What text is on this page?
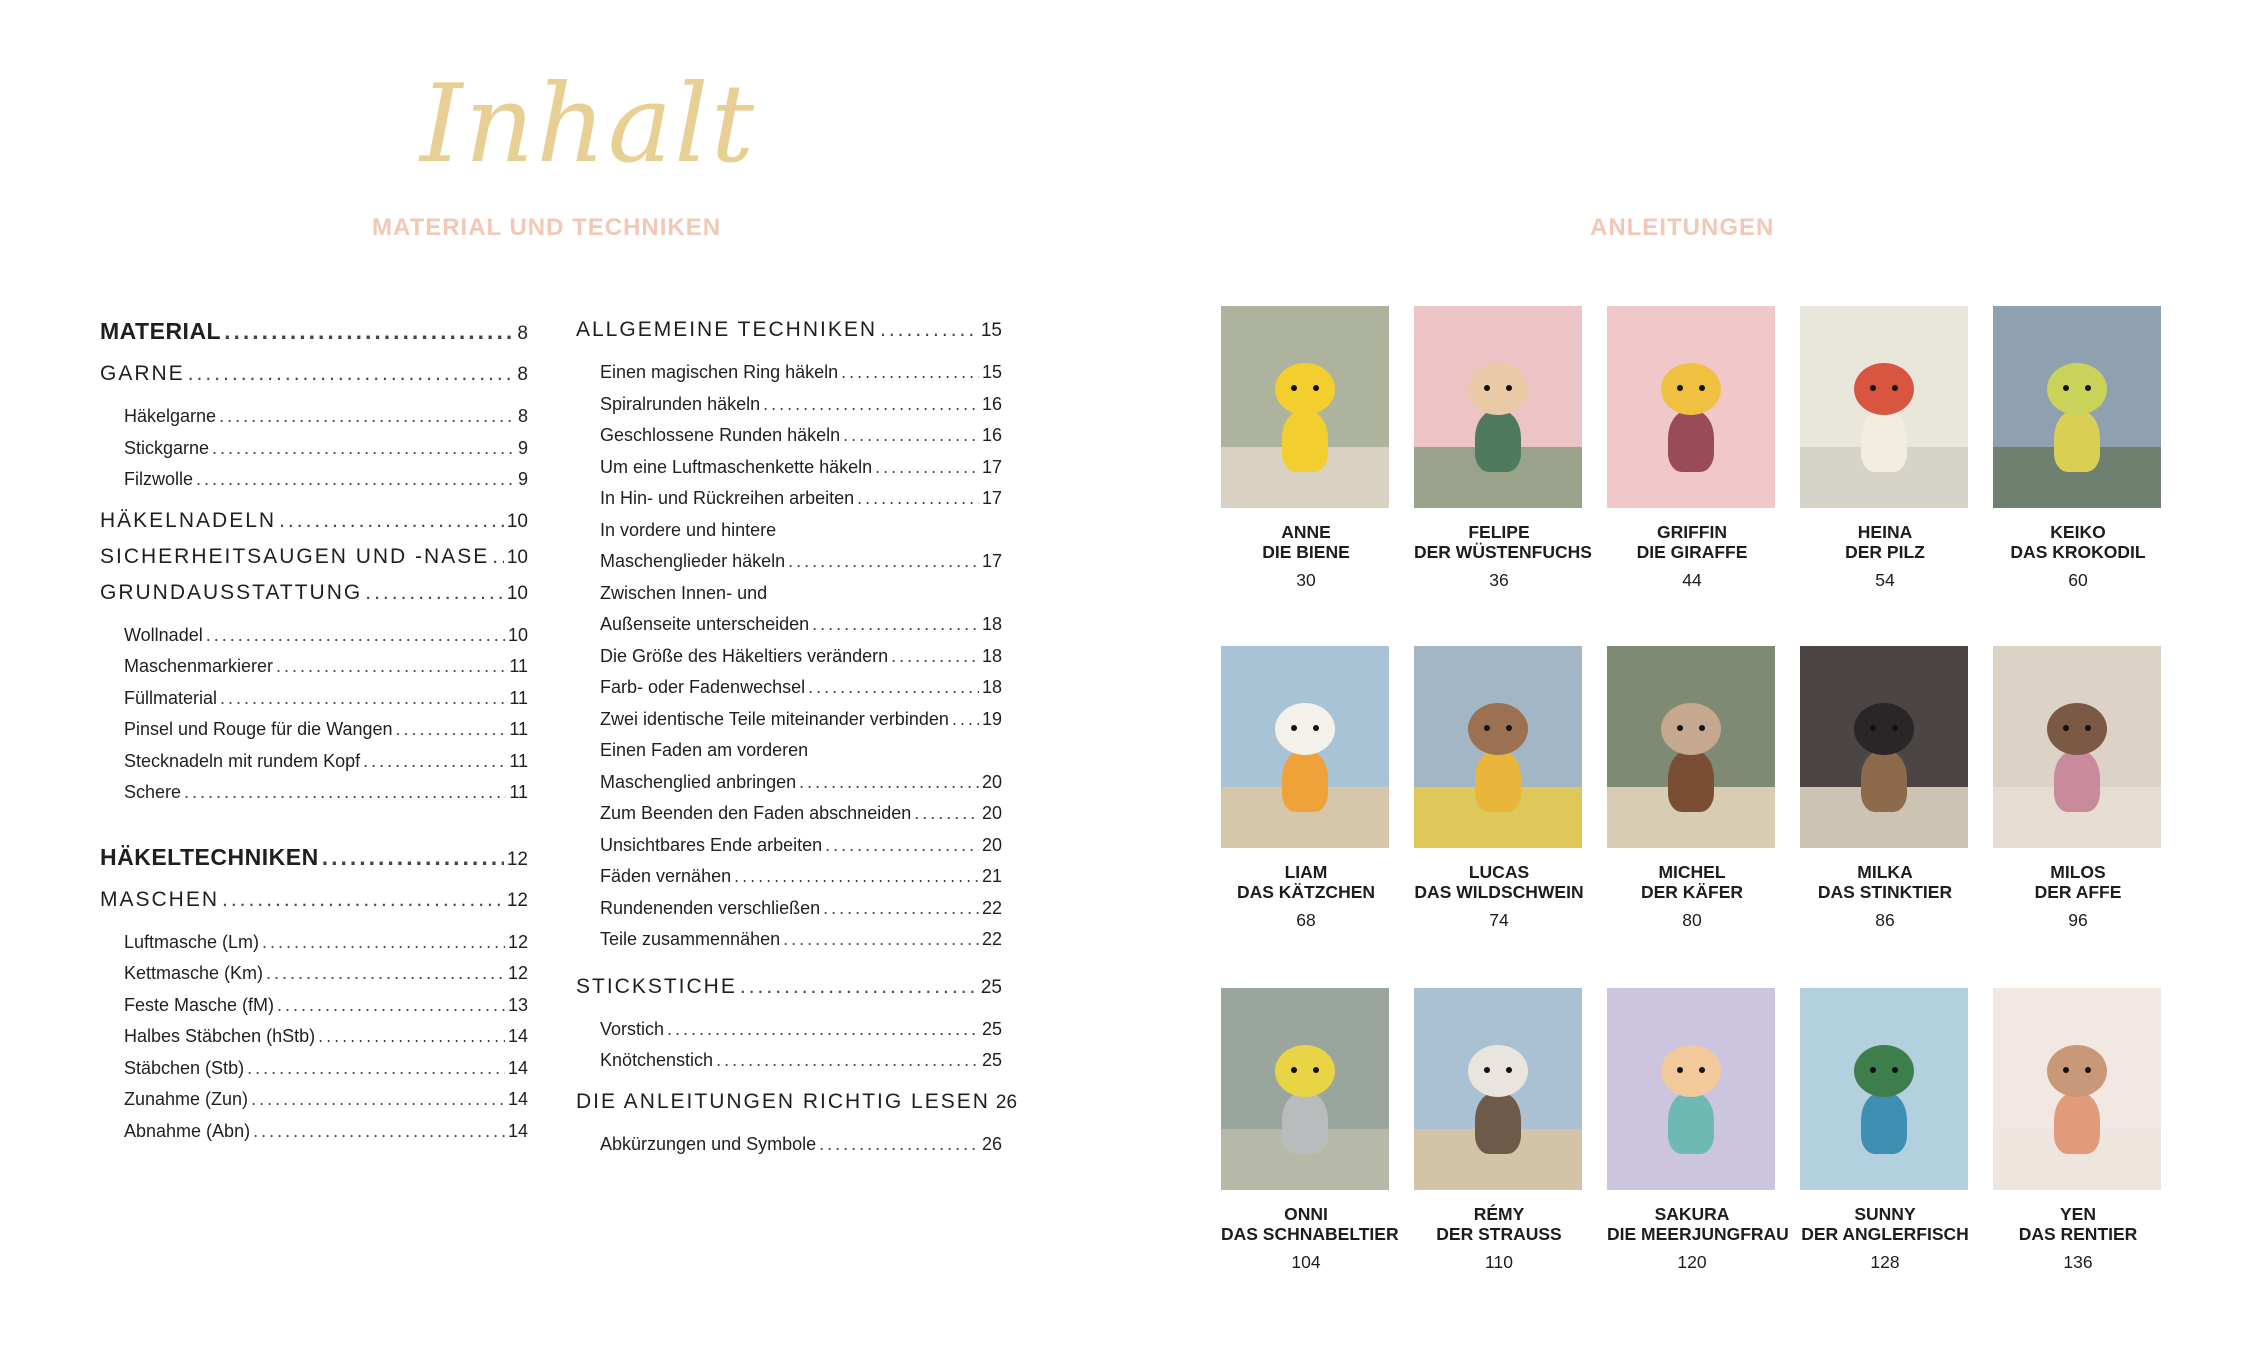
Inhalt
MATERIAL UND TECHNIKEN	ANLEITUNGEN
MATERIAL .....	8
GARNE .....	8
Häkelgarne .....	8
Stickgarne .....	9
Filzwolle .....	9
HÄKELNADELN .....	10
SICHERHEITSAUGEN UND -NASE ..... 10
GRUNDAUSSTATTUNG .....	10
Wollnadel .....	10
Maschenmarkierer .....	11
Füllmaterial .....	11
Pinsel und Rouge für die Wangen .....	11
Stecknadeln mit rundem Kopf .....	11
Schere .....	11
HÄKELTECHNIKEN .....	12
MASCHEN .....	12
Luftmasche (Lm) .....	12
Kettmasche (Km) .....	12
Feste Masche (fM) .....	13
Halbes Stäbchen (hStb) .....	14
Stäbchen (Stb) .....	14
Zunahme (Zun) .....	14
Abnahme (Abn) .....	14
ALLGEMEINE TECHNIKEN .....	15
Einen magischen Ring häkeln .....	15
Spiralrunden häkeln .....	16
Geschlossene Runden häkeln .....	16
Um eine Luftmaschenkette häkeln .....	17
In Hin- und Rückreihen arbeiten .....	17
In vordere und hintere
Maschenglieder häkeln .....	17
Zwischen Innen- und
Außenseite unterscheiden .....	18
Die Größe des Häkeltiers verändern .....	18
Farb- oder Fadenwechsel .....	18
Zwei identische Teile miteinander verbinden ..... 19
Einen Faden am vorderen
Maschenglied anbringen .....	20
Zum Beenden den Faden abschneiden .....	20
Unsichtbares Ende arbeiten .....	20
Fäden vernähen .....	21
Rundenenden verschließen .....	22
Teile zusammennähen .....	22
STICKSTICHE .....	25
Vorstich .....	25
Knötchenstich .....	25
DIE ANLEITUNGEN RICHTIG LESEN 26
Abkürzungen und Symbole .....	26
ANNE
DIE BIENE
30
FELIPE
DER WÜSTENFUCHS
36
GRIFFIN
DIE GIRAFFE
44
HEINA
DER PILZ
54
KEIKO
DAS KROKODIL
60
LIAM
DAS KÄTZCHEN
68
LUCAS
DAS WILDSCHWEIN
74
MICHEL
DER KÄFER
80
MILKA
DAS STINKTIER
86
MILOS
DER AFFE
96
ONNI
DAS SCHNABELTIER
104
RÉMY
DER STRAUSS
110
SAKURA
DIE MEERJUNGFRAU
120
SUNNY
DER ANGLERFISCH
128
YEN
DAS RENTIER
136
